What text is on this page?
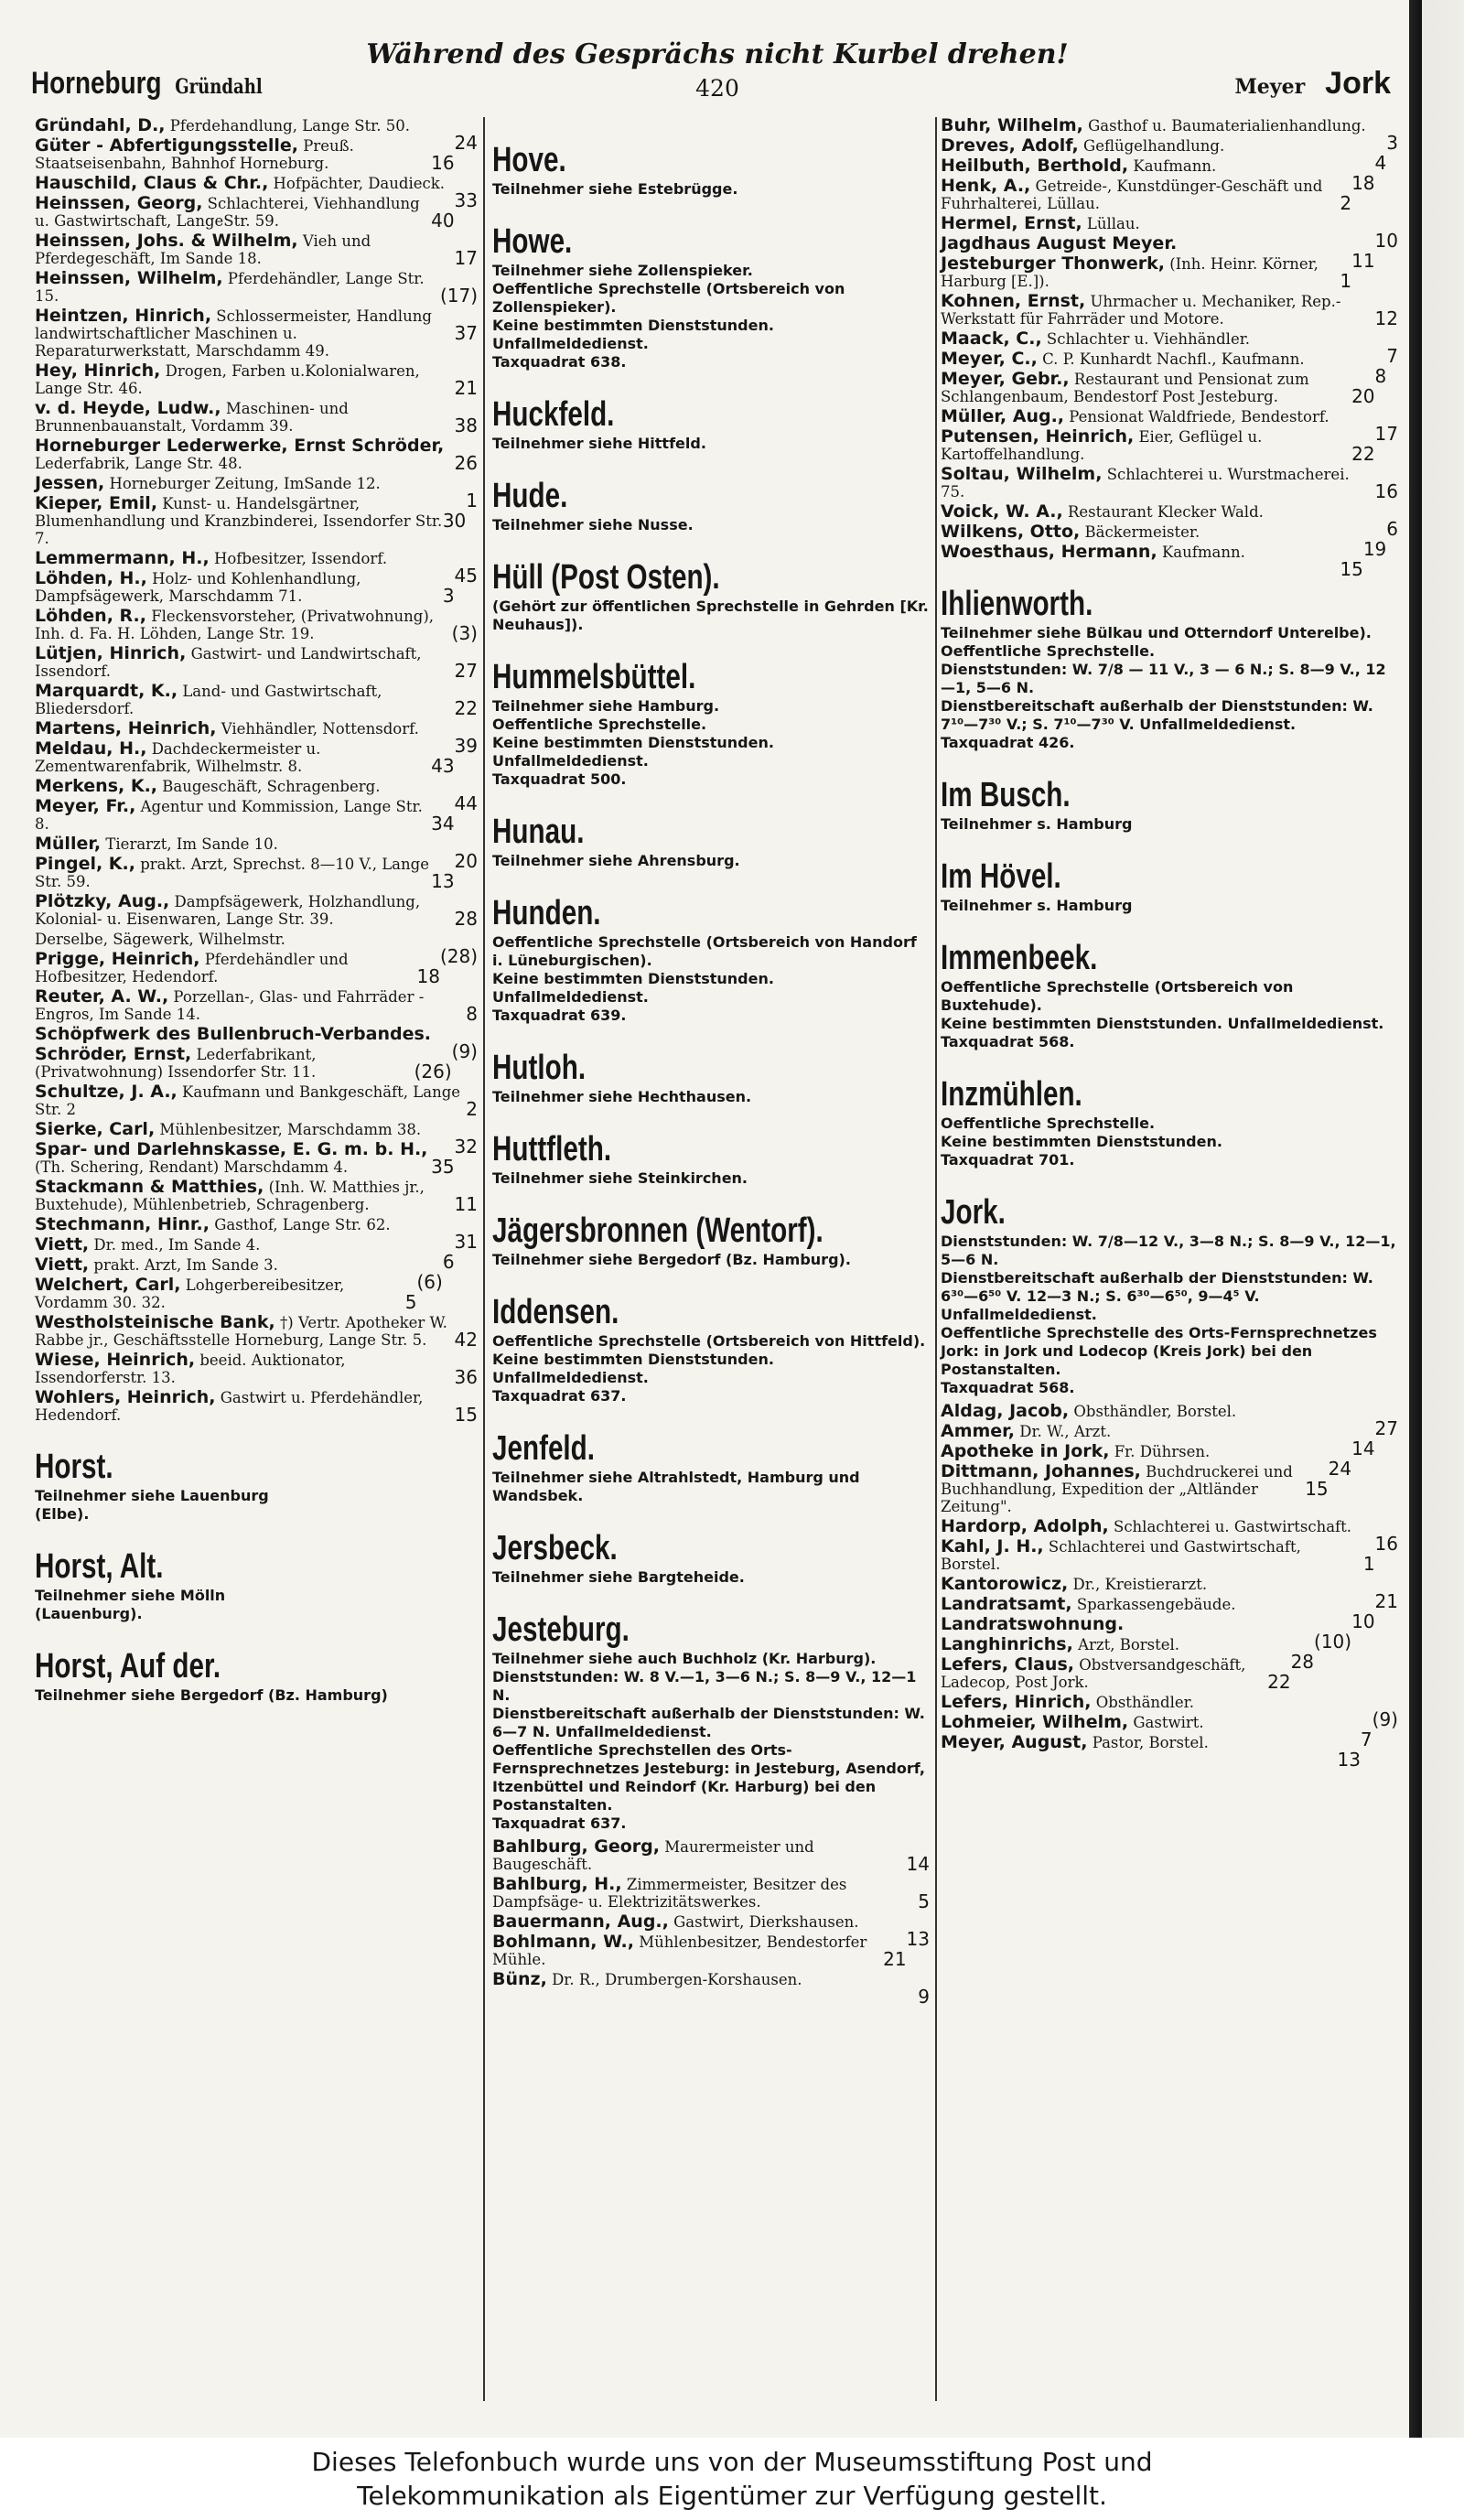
Horneburg Gründahl
Während des Gesprächs nicht Kurbel drehen!
420	Meyer Jork
24
Gründahl, D., Pferdehandlung, Lange Str. 50.
16
Güter - Abfertigungsstelle, Preuß. Staatseisenbahn, Bahnhof Horneburg.
33
Hauschild, Claus & Chr., Hofpächter, Daudieck.
40
Heinssen, Georg, Schlachterei, Viehhandlung u. Gastwirtschaft, LangeStr. 59.
17
Heinssen, Johs. & Wilhelm, Vieh und Pferdegeschäft, Im Sande 18.
(17)
Heinssen, Wilhelm, Pferdehändler, Lange Str. 15.
37
Heintzen, Hinrich, Schlossermeister, Handlung landwirtschaftlicher Maschinen u. Reparaturwerkstatt, Marschdamm 49.
21
Hey, Hinrich, Drogen, Farben u.Kolonialwaren, Lange Str. 46.
38
v. d. Heyde, Ludw., Maschinen- und Brunnenbauanstalt, Vordamm 39.
26
Horneburger Lederwerke, Ernst Schröder, Lederfabrik, Lange Str. 48.
1
Jessen, Horneburger Zeitung, ImSande 12.
30
Kieper, Emil, Kunst- u. Handelsgärtner, Blumenhandlung und Kranzbinderei, Issendorfer Str. 7.
45
Lemmermann, H., Hofbesitzer, Issendorf.
3
Löhden, H., Holz- und Kohlenhandlung, Dampfsägewerk, Marschdamm 71.
(3)
Löhden, R., Fleckensvorsteher, (Privatwohnung), Inh. d. Fa. H. Löhden, Lange Str. 19.
27
Lütjen, Hinrich, Gastwirt- und Landwirtschaft, Issendorf.
22
Marquardt, K., Land- und Gastwirtschaft, Bliedersdorf.
39
Martens, Heinrich, Viehhändler, Nottensdorf.
43
Meldau, H., Dachdeckermeister u. Zementwarenfabrik, Wilhelmstr. 8.
44
Merkens, K., Baugeschäft, Schragenberg.
34
Meyer, Fr., Agentur und Kommission, Lange Str. 8.
20
Müller, Tierarzt, Im Sande 10.
13
Pingel, K., prakt. Arzt, Sprechst. 8—10 V., Lange Str. 59.
28
Plötzky, Aug., Dampfsägewerk, Holzhandlung, Kolonial- u. Eisenwaren, Lange Str. 39.
(28)
Derselbe, Sägewerk, Wilhelmstr.
18
Prigge, Heinrich, Pferdehändler und Hofbesitzer, Hedendorf.
8
Reuter, A. W., Porzellan-, Glas- und Fahrräder - Engros, Im Sande 14.
(9)
Schöpfwerk des Bullenbruch-Verbandes.
(26)
Schröder, Ernst, Lederfabrikant, (Privatwohnung) Issendorfer Str. 11.
2
Schultze, J. A., Kaufmann und Bankgeschäft, Lange Str. 2
32
Sierke, Carl, Mühlenbesitzer, Marschdamm 38.
35
Spar- und Darlehnskasse, E. G. m. b. H., (Th. Schering, Rendant) Marschdamm 4.
11
Stackmann & Matthies, (Inh. W. Matthies jr., Buxtehude), Mühlenbetrieb, Schragenberg.
31
Stechmann, Hinr., Gasthof, Lange Str. 62.
6
Viett, Dr. med., Im Sande 4.
(6)
Viett, prakt. Arzt, Im Sande 3.
5
Welchert, Carl, Lohgerbereibesitzer, Vordamm 30. 32.
42
Westholsteinische Bank, †) Vertr. Apotheker W. Rabbe jr., Geschäftsstelle Horneburg, Lange Str. 5.
36
Wiese, Heinrich, beeid. Auktionator, Issendorferstr. 13.
15
Wohlers, Heinrich, Gastwirt u. Pferdehändler, Hedendorf.
Horst.
Teilnehmer siehe Lauenburg
(Elbe).
Horst, Alt.
Teilnehmer siehe Mölln
(Lauenburg).
Horst, Auf der.
Teilnehmer siehe Bergedorf (Bz. Hamburg)
Hove.
Teilnehmer siehe Estebrügge.
Howe.
Teilnehmer siehe Zollenspieker.
Oeffentliche Sprechstelle (Ortsbereich von Zollenspieker).
Keine bestimmten Dienststunden. Unfallmeldedienst.
Taxquadrat 638.
Huckfeld.
Teilnehmer siehe Hittfeld.
Hude.
Teilnehmer siehe Nusse.
Hüll (Post Osten).
(Gehört zur öffentlichen Sprechstelle in Gehrden [Kr. Neuhaus]).
Hummelsbüttel.
Teilnehmer siehe Hamburg.
Oeffentliche Sprechstelle.
Keine bestimmten Dienststunden. Unfallmeldedienst.
Taxquadrat 500.
Hunau.
Teilnehmer siehe Ahrensburg.
Hunden.
Oeffentliche Sprechstelle (Ortsbereich von Handorf i. Lüneburgischen).
Keine bestimmten Dienststunden. Unfallmeldedienst.
Taxquadrat 639.
Hutloh.
Teilnehmer siehe Hechthausen.
Huttfleth.
Teilnehmer siehe Steinkirchen.
Jägersbronnen (Wentorf).
Teilnehmer siehe Bergedorf (Bz. Hamburg).
Iddensen.
Oeffentliche Sprechstelle (Ortsbereich von Hittfeld).
Keine bestimmten Dienststunden. Unfallmeldedienst.
Taxquadrat 637.
Jenfeld.
Teilnehmer siehe Altrahlstedt, Hamburg und Wandsbek.
Jersbeck.
Teilnehmer siehe Bargteheide.
Jesteburg.
Teilnehmer siehe auch Buchholz (Kr. Harburg).
Dienststunden: W. 8 V.—1, 3—6 N.; S. 8—9 V., 12—1 N.
Dienstbereitschaft außerhalb der Dienststunden: W. 6—7 N. Unfallmeldedienst.
Oeffentliche Sprechstellen des Orts-Fernsprechnetzes Jesteburg: in Jesteburg, Asendorf, Itzenbüttel und Reindorf (Kr. Harburg) bei den Postanstalten.
Taxquadrat 637.
14
Bahlburg, Georg, Maurermeister und Baugeschäft.
5
Bahlburg, H., Zimmermeister, Besitzer des Dampfsäge- u. Elektrizitätswerkes.
13
Bauermann, Aug., Gastwirt, Dierkshausen.
21
Bohlmann, W., Mühlenbesitzer, Bendestorfer Mühle.
9
Bünz, Dr. R., Drumbergen-Korshausen.
3
Buhr, Wilhelm, Gasthof u. Baumaterialienhandlung.
4
Dreves, Adolf, Geflügelhandlung.
18
Heilbuth, Berthold, Kaufmann.
2
Henk, A., Getreide-, Kunstdünger-Geschäft und Fuhrhalterei, Lüllau.
10
Hermel, Ernst, Lüllau.
11
Jagdhaus August Meyer.
1
Jesteburger Thonwerk, (Inh. Heinr. Körner, Harburg [E.]).
12
Kohnen, Ernst, Uhrmacher u. Mechaniker, Rep.-Werkstatt für Fahrräder und Motore.
7
Maack, C., Schlachter u. Viehhändler.
8
Meyer, C., C. P. Kunhardt Nachfl., Kaufmann.
20
Meyer, Gebr., Restaurant und Pensionat zum Schlangenbaum, Bendestorf Post Jesteburg.
17
Müller, Aug., Pensionat Waldfriede, Bendestorf.
22
Putensen, Heinrich, Eier, Geflügel u. Kartoffelhandlung.
16
Soltau, Wilhelm, Schlachterei u. Wurstmacherei. 75.
6
Voick, W. A., Restaurant Klecker Wald.
19
Wilkens, Otto, Bäckermeister.
15
Woesthaus, Hermann, Kaufmann.
Ihlienworth.
Teilnehmer siehe Bülkau und Otterndorf Unterelbe).
Oeffentliche Sprechstelle.
Dienststunden: W. 7/8 — 11 V., 3 — 6 N.; S. 8—9 V., 12—1, 5—6 N.
Dienstbereitschaft außerhalb der Dienststunden: W. 7¹⁰—7³⁰ V.; S. 7¹⁰—7³⁰ V. Unfallmeldedienst.
Taxquadrat 426.
Im Busch.
Teilnehmer s. Hamburg
Im Hövel.
Teilnehmer s. Hamburg
Immenbeek.
Oeffentliche Sprechstelle (Ortsbereich von Buxtehude).
Keine bestimmten Dienststunden. Unfallmeldedienst.
Taxquadrat 568.
Inzmühlen.
Oeffentliche Sprechstelle.
Keine bestimmten Dienststunden.
Taxquadrat 701.
Jork.
Dienststunden: W. 7/8—12 V., 3—8 N.; S. 8—9 V., 12—1, 5—6 N.
Dienstbereitschaft außerhalb der Dienststunden: W. 6³⁰—6⁵⁰ V. 12—3 N.; S. 6³⁰—6⁵⁰, 9—4⁵ V. Unfallmeldedienst.
Oeffentliche Sprechstelle des Orts-Fernsprechnetzes Jork: in Jork und Lodecop (Kreis Jork) bei den Postanstalten.
Taxquadrat 568.
27
Aldag, Jacob, Obsthändler, Borstel.
14
Ammer, Dr. W., Arzt.
24
Apotheke in Jork, Fr. Dührsen.
15
Dittmann, Johannes, Buchdruckerei und Buchhandlung, Expedition der „Altländer Zeitung".
16
Hardorp, Adolph, Schlachterei u. Gastwirtschaft.
1
Kahl, J. H., Schlachterei und Gastwirtschaft, Borstel.
21
Kantorowicz, Dr., Kreistierarzt.
10
Landratsamt, Sparkassengebäude.
(10)
Landratswohnung.
28
Langhinrichs, Arzt, Borstel.
22
Lefers, Claus, Obstversandgeschäft, Ladecop, Post Jork.
(9)
Lefers, Hinrich, Obsthändler.
7
Lohmeier, Wilhelm, Gastwirt.
13
Meyer, August, Pastor, Borstel.
Dieses Telefonbuch wurde uns von der Museumsstiftung Post und
Telekommunikation als Eigentümer zur Verfügung gestellt.
